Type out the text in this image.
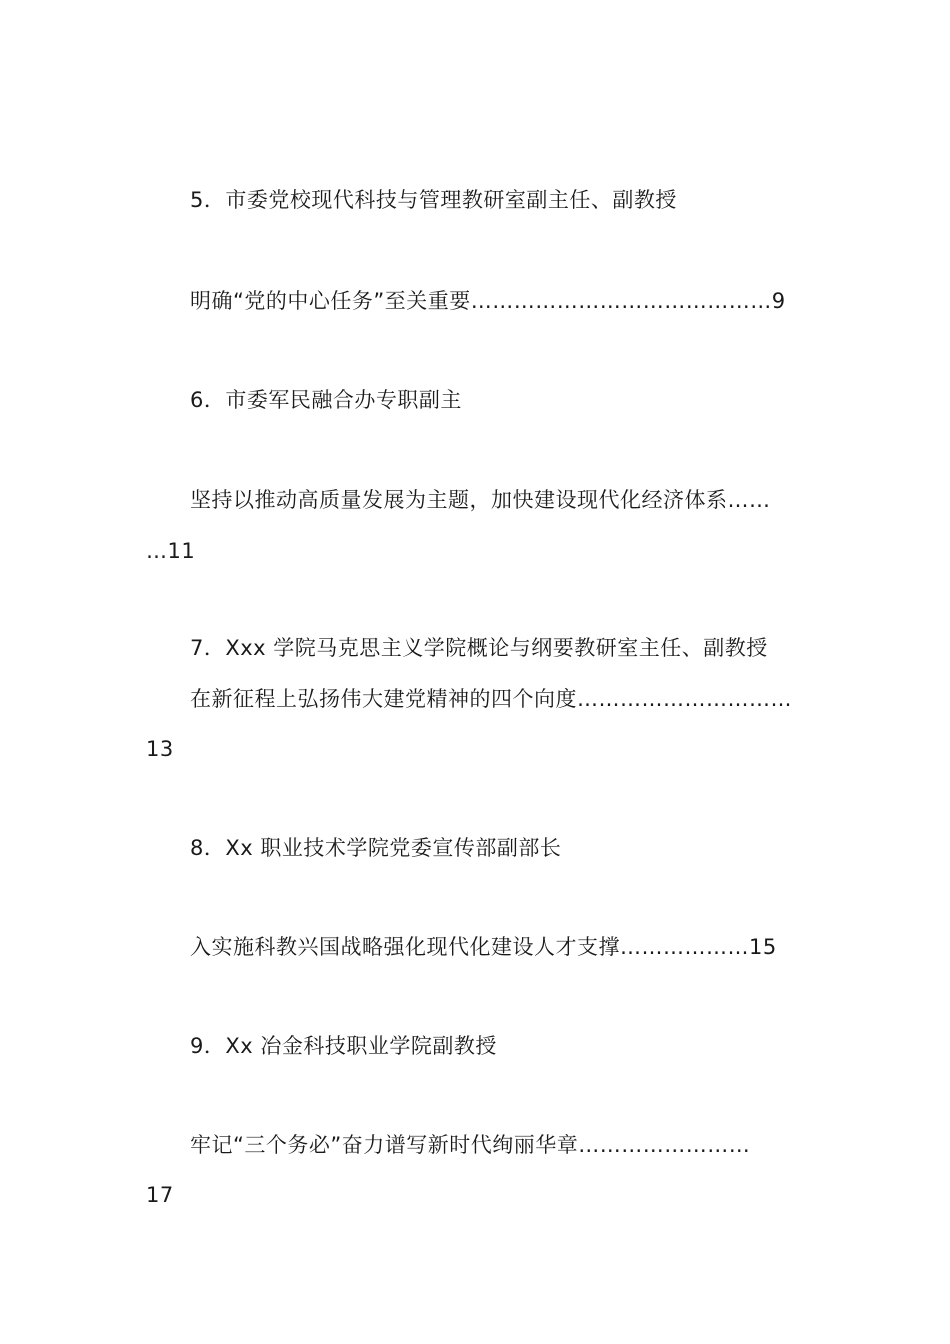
5．市委党校现代科技与管理教研室副主任、副教授
明确“党的中心任务”至关重要……………………………………9
6．市委军民融合办专职副主
坚持以推动高质量发展为主题，加快建设现代化经济体系……
…11
7．Xxx 学院马克思主义学院概论与纲要教研室主任、副教授
在新征程上弘扬伟大建党精神的四个向度…………………………
13
8．Xx 职业技术学院党委宣传部副部长
入实施科教兴国战略强化现代化建设人才支撑………………15
9．Xx 冶金科技职业学院副教授
牢记“三个务必”奋力谱写新时代绚丽华章……………………
17
